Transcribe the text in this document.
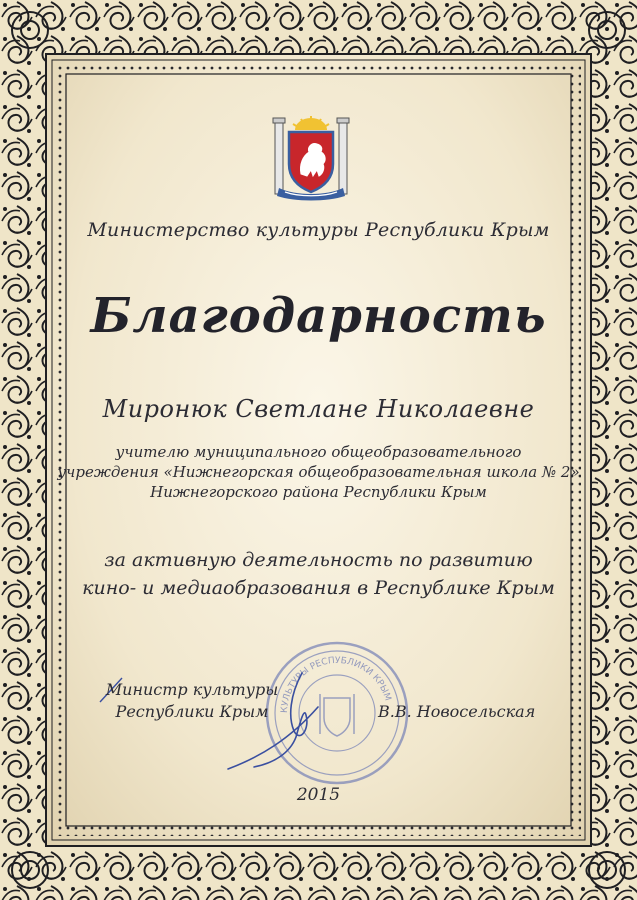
Министерство культуры Республики Крым
Благодарность
Миронюк Светлане Николаевне
учителю муниципального общеобразовательного
учреждения «Нижнегорская общеобразовательная школа № 2»
Нижнегорского района Республики Крым
за активную деятельность по развитию
кино- и медиаобразования в Республике Крым
КУЛЬТУРЫ РЕСПУБЛИКИ КРЫМ
Министр культуры
Республики Крым	В.В. Новосельская
2015
